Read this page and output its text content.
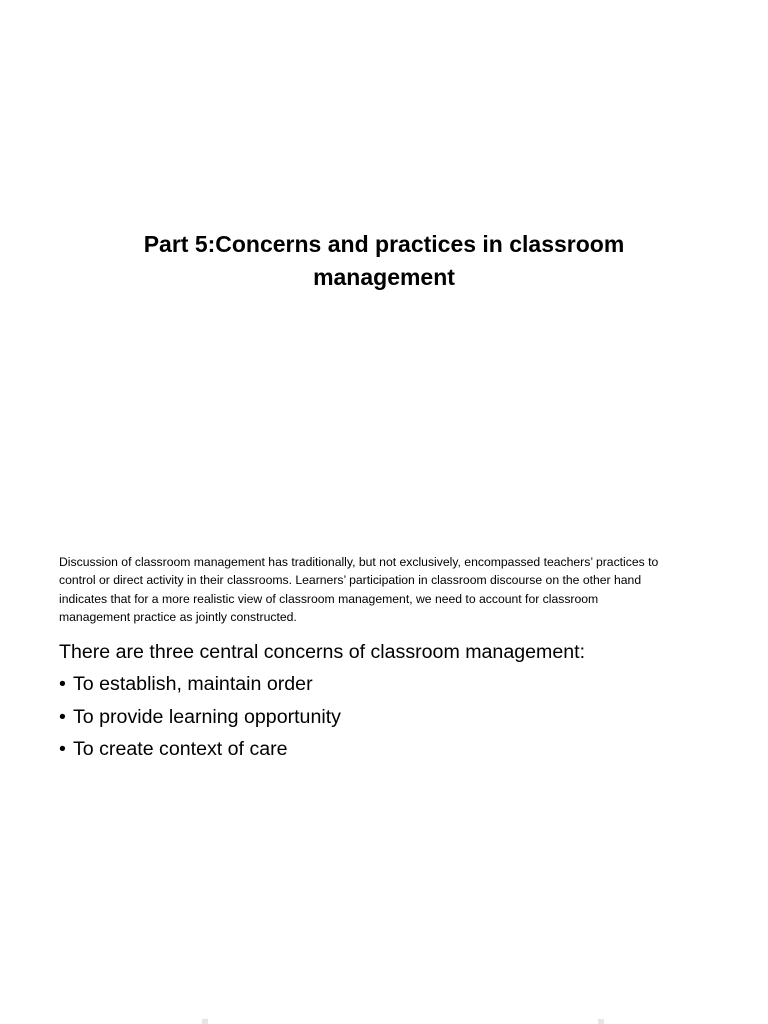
Part 5:Concerns and practices in classroom
management
Discussion of classroom management has traditionally, but not exclusively, encompassed teachers’ practices to
control or direct activity in their classrooms. Learners’ participation in classroom discourse on the other hand
indicates that for a more realistic view of classroom management, we need to account for classroom
management practice as jointly constructed.
There are three central concerns of classroom management:
• To establish, maintain order
• To provide learning opportunity
• To create context of care
